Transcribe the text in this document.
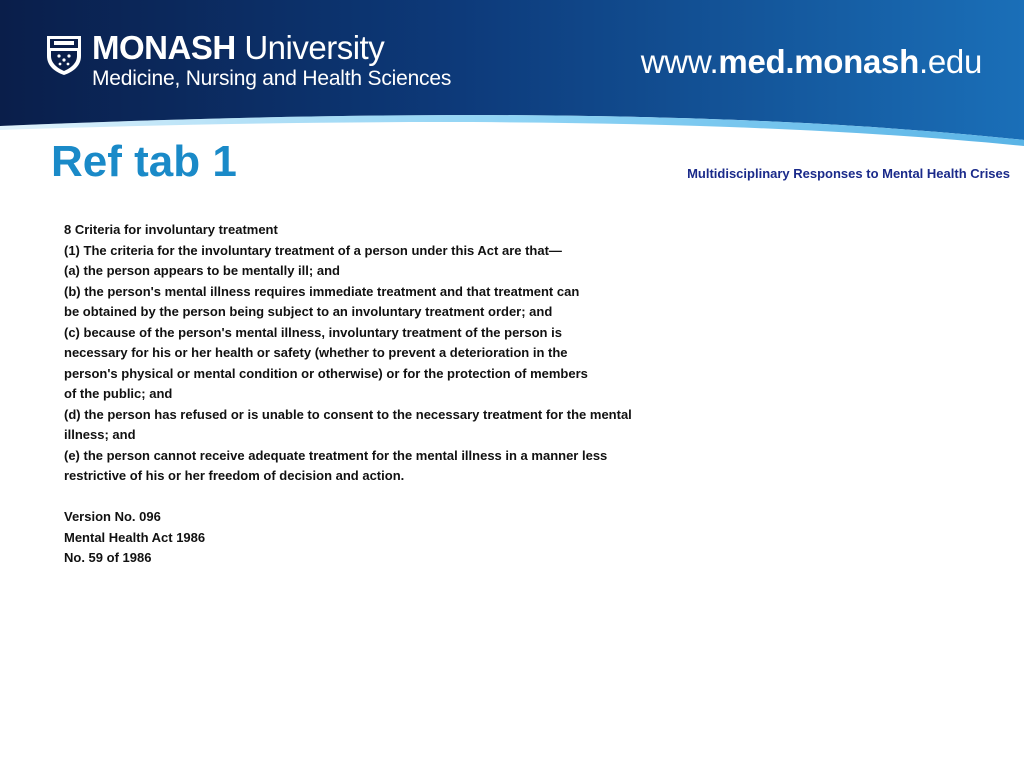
MONASH University
Medicine, Nursing and Health Sciences	www.med.monash.edu
Ref tab 1	Multidisciplinary Responses to Mental Health Crises
8 Criteria for involuntary treatment
(1) The criteria for the involuntary treatment of a person under this Act are that—
(a) the person appears to be mentally ill; and
(b) the person's mental illness requires immediate treatment and that treatment can
be obtained by the person being subject to an involuntary treatment order; and
(c) because of the person's mental illness, involuntary treatment of the person is
necessary for his or her health or safety (whether to prevent a deterioration in the
person's physical or mental condition or otherwise) or for the protection of members
of the public; and
(d) the person has refused or is unable to consent to the necessary treatment for the mental
illness; and
(e) the person cannot receive adequate treatment for the mental illness in a manner less
restrictive of his or her freedom of decision and action.
Version No. 096
Mental Health Act 1986
No. 59 of 1986
